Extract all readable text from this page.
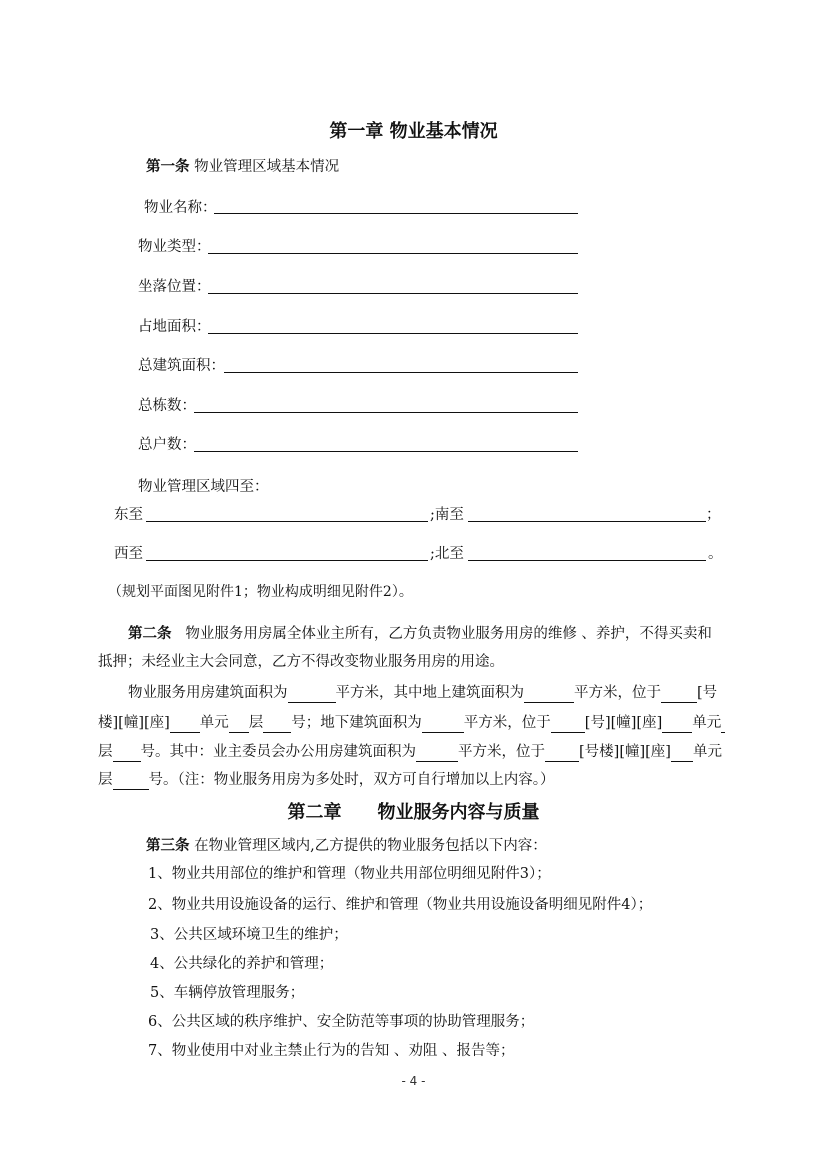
第一章 物业基本情况
第一条 物业管理区域基本情况
物业名称：
物业类型：
坐落位置：
占地面积：
总建筑面积：
总栋数：
总户数：
物业管理区域四至：
东至	;南至	；
西至	;北至	。
（规划平面图见附件1；物业构成明细见附件2）。
第二条 物业服务用房属全体业主所有，乙方负责物业服务用房的维修 、养护，不得买卖和
抵押；未经业主大会同意，乙方不得改变物业服务用房的用途。
物业服务用房建筑面积为	平方米，其中地上建筑面积为	平方米，位于 [号
楼][幢][座] 单元 层 号；地下建筑面积为	平方米，位于 [号][幢][座] 单元
层 号。其中：业主委员会办公用房建筑面积为	平方米，位于 [号楼][幢][座] 单元
层 号。（注：物业服务用房为多处时，双方可自行增加以上内容。）
第二章　　物业服务内容与质量
第三条 在物业管理区域内,乙方提供的物业服务包括以下内容：
1、物业共用部位的维护和管理（物业共用部位明细见附件3）；
2、物业共用设施设备的运行、维护和管理（物业共用设施设备明细见附件4）；
3、公共区域环境卫生的维护；
4、公共绿化的养护和管理；
5、车辆停放管理服务；
6、公共区域的秩序维护、安全防范等事项的协助管理服务；
7、物业使用中对业主禁止行为的告知 、劝阻 、报告等；
- 4 -
